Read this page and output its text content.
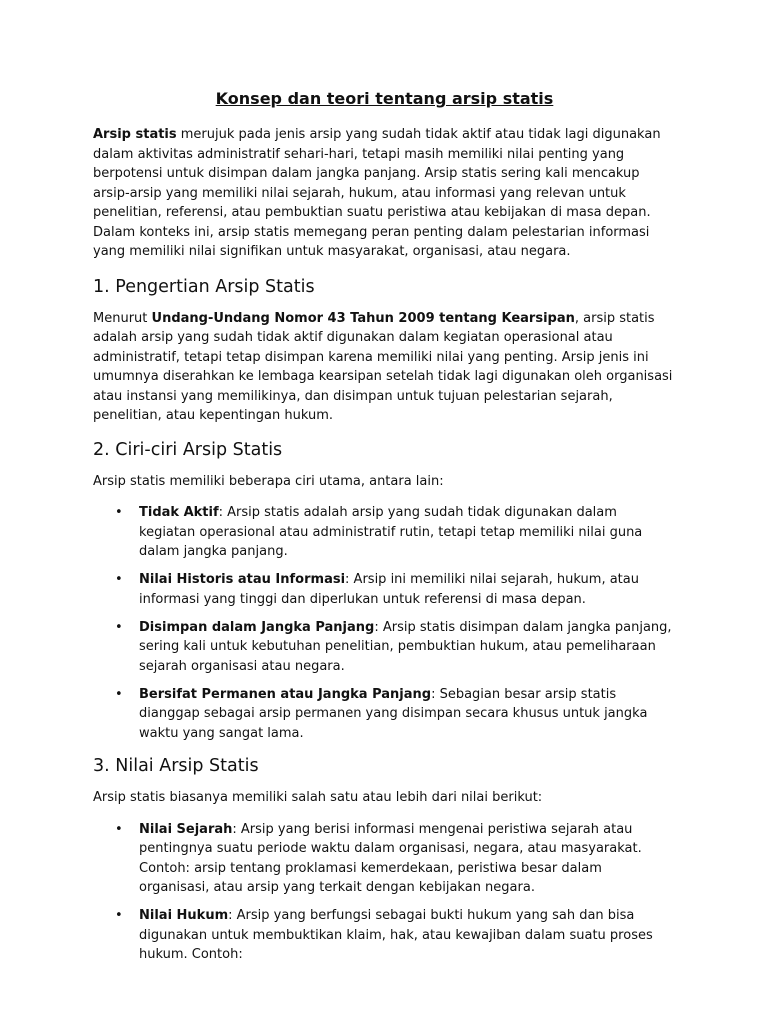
Konsep dan teori tentang arsip statis

Arsip statis merujuk pada jenis arsip yang sudah tidak aktif atau tidak lagi digunakan dalam aktivitas administratif sehari-hari, tetapi masih memiliki nilai penting yang berpotensi untuk disimpan dalam jangka panjang. Arsip statis sering kali mencakup arsip-arsip yang memiliki nilai sejarah, hukum, atau informasi yang relevan untuk penelitian, referensi, atau pembuktian suatu peristiwa atau kebijakan di masa depan. Dalam konteks ini, arsip statis memegang peran penting dalam pelestarian informasi yang memiliki nilai signifikan untuk masyarakat, organisasi, atau negara.

1. Pengertian Arsip Statis

Menurut Undang-Undang Nomor 43 Tahun 2009 tentang Kearsipan, arsip statis adalah arsip yang sudah tidak aktif digunakan dalam kegiatan operasional atau administratif, tetapi tetap disimpan karena memiliki nilai yang penting. Arsip jenis ini umumnya diserahkan ke lembaga kearsipan setelah tidak lagi digunakan oleh organisasi atau instansi yang memilikinya, dan disimpan untuk tujuan pelestarian sejarah, penelitian, atau kepentingan hukum.

2. Ciri-ciri Arsip Statis

Arsip statis memiliki beberapa ciri utama, antara lain:

• Tidak Aktif: Arsip statis adalah arsip yang sudah tidak digunakan dalam kegiatan operasional atau administratif rutin, tetapi tetap memiliki nilai guna dalam jangka panjang.
• Nilai Historis atau Informasi: Arsip ini memiliki nilai sejarah, hukum, atau informasi yang tinggi dan diperlukan untuk referensi di masa depan.
• Disimpan dalam Jangka Panjang: Arsip statis disimpan dalam jangka panjang, sering kali untuk kebutuhan penelitian, pembuktian hukum, atau pemeliharaan sejarah organisasi atau negara.
• Bersifat Permanen atau Jangka Panjang: Sebagian besar arsip statis dianggap sebagai arsip permanen yang disimpan secara khusus untuk jangka waktu yang sangat lama.
3. Nilai Arsip Statis

Arsip statis biasanya memiliki salah satu atau lebih dari nilai berikut:

• Nilai Sejarah: Arsip yang berisi informasi mengenai peristiwa sejarah atau pentingnya suatu periode waktu dalam organisasi, negara, atau masyarakat. Contoh: arsip tentang proklamasi kemerdekaan, peristiwa besar dalam organisasi, atau arsip yang terkait dengan kebijakan negara.
• Nilai Hukum: Arsip yang berfungsi sebagai bukti hukum yang sah dan bisa digunakan untuk membuktikan klaim, hak, atau kewajiban dalam suatu proses hukum. Contoh:
